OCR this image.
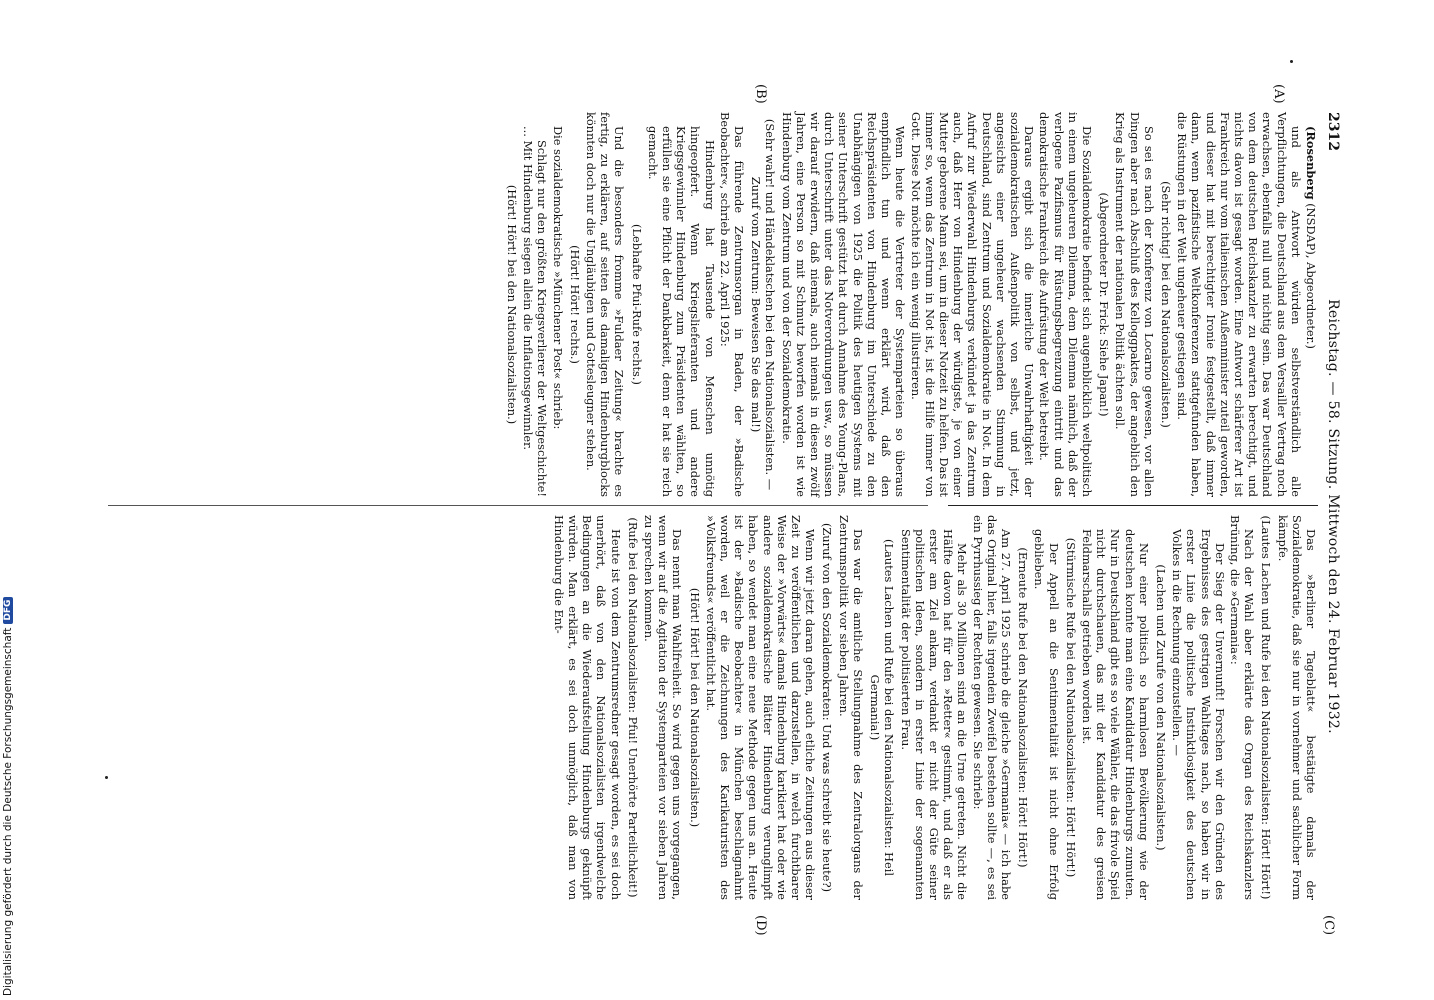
2312
Reichstag. — 58. Sitzung. Mittwoch den 24. Februar 1932.
(A)
(B)
(C)
(D)

(Rosenberg (NSDAP), Abgeordneter.)

und als Antwort würden selbstverständlich alle Verpflichtungen, die Deutschland aus dem Versailler Vertrag noch erwachsen, ebenfalls null und nichtig sein. Das war Deutschland von dem deutschen Reichskanzler zu erwarten berechtigt, und nichts davon ist gesagt worden. Eine Antwort schärferer Art ist Frankreich nur vom italienischen Außenminister zuteil geworden, und dieser hat mit berechtigter Ironie festgestellt, daß immer dann, wenn pazifistische Weltkonferenzen stattgefunden haben, die Rüstungen in der Welt ungeheuer gestiegen sind.

(Sehr richtig! bei den Nationalsozialisten.)

So sei es nach der Konferenz von Locarno gewesen, vor allen Dingen aber nach Abschluß des Kelloggpaktes, der angeblich den Krieg als Instrument der nationalen Politik ächten soll.

(Abgeordneter Dr. Frick: Siehe Japan!)

Die Sozialdemokratie befindet sich augenblicklich weltpolitisch in einem ungeheuren Dilemma, dem Dilemma nämlich, daß der verlogene Pazifismus für Rüstungsbegrenzung eintritt und das demokratische Frankreich die Aufrüstung der Welt betreibt.

Daraus ergibt sich die innerliche Unwahrhaftigkeit der sozialdemokratischen Außenpolitik von selbst, und jetzt, angesichts einer ungeheuer wachsenden Stimmung in Deutschland, sind Zentrum und Sozialdemokratie in Not. In dem Aufruf zur Wiederwahl Hindenburgs verkündet ja das Zentrum auch, daß Herr von Hindenburg der würdigste, je von einer Mutter geborene Mann sei, um in dieser Notzeit zu helfen. Das ist immer so, wenn das Zentrum in Not ist, ist die Hilfe immer von Gott. Diese Not möchte ich ein wenig illustrieren.

Wenn heute die Vertreter der Systemparteien so überaus empfindlich tun und wenn erklärt wird, daß den Reichspräsidenten von Hindenburg im Unterschiede zu den Unabhängigen von 1925 die Politik des heutigen Systems mit seiner Unterschrift gestützt hat durch Annahme des Young-Plans, durch Unterschrift unter das Notverordnungen usw., so müssen wir darauf erwidern, daß niemals, auch niemals in diesen zwölf Jahren, eine Person so mit Schmutz beworfen worden ist wie Hindenburg vom Zentrum und von der Sozialdemokratie.

(Sehr wahr! und Händeklatschen bei den Nationalsozialisten. — Zuruf vom Zentrum: Beweisen Sie das mal!)

Das führende Zentrumsorgan in Baden, der »Badische Beobachter«, schrieb am 22. April 1925:

Hindenburg hat Tausende von Menschen unnötig hingeopfert. Wenn Kriegslieferanten und andere Kriegsgewinnler Hindenburg zum Präsidenten wählten, so erfüllen sie eine Pflicht der Dankbarkeit, denn er hat sie reich gemacht.

(Lebhafte Pfui-Rufe rechts.)

Und die besonders fromme »Fuldaer Zeitung« brachte es fertig, zu erklären, auf seiten des damaligen Hindenburgblocks könnten doch nur die Ungläubigen und Gottesleugner stehen.

(Hört! Hört! rechts.)

Die sozialdemokratische »Münchener Post« schrieb:

Schlagt nur den größten Kriegsverlierer der Weltgeschichte! ... Mit Hindenburg siegen allein die Inflationsgewinnler.

(Hört! Hört! bei den Nationalsozialisten.)

Das »Berliner Tageblatt« bestätigte damals der Sozialdemokratie, daß sie nur in vornehmer und sachlicher Form kämpfe.

(Lautes Lachen und Rufe bei den Nationalsozialisten: Hört! Hört!)

Nach der Wahl aber erklärte das Organ des Reichskanzlers Brüning, die »Germania«:

Der Sieg der Unvernunft! Forschen wir den Gründen des Ergebnisses des gestrigen Wahltages nach, so haben wir in erster Linie die politische Instinktlosigkeit des deutschen Volkes in die Rechnung einzustellen. —

(Lachen und Zurufe von den Nationalsozialisten.)

Nur einer politisch so harmlosen Bevölkerung wie der deutschen konnte man eine Kandidatur Hindenburgs zumuten. Nur in Deutschland gibt es so viele Wähler, die das frivole Spiel nicht durchschauen, das mit der Kandidatur des greisen Feldmarschalls getrieben worden ist.

(Stürmische Rufe bei den Nationalsozialisten: Hört! Hört!)

Der Appell an die Sentimentalität ist nicht ohne Erfolg geblieben.

(Erneute Rufe bei den Nationalsozialisten: Hört! Hört!)

Am 27. April 1925 schrieb die gleiche »Germania« — ich habe das Original hier, falls irgendein Zweifel bestehen sollte —, es sei ein Pyrrhussieg der Rechten gewesen. Sie schrieb:

Mehr als 30 Millionen sind an die Urne getreten. Nicht die Hälfte davon hat für den »Retter« gestimmt, und daß er als erster am Ziel ankam, verdankt er nicht der Güte seiner politischen Ideen, sondern in erster Linie der sogenannten Sentimentalität der politisierten Frau.

(Lautes Lachen und Rufe bei den Nationalsozialisten: Heil Germania!)

Das war die amtliche Stellungnahme des Zentralorgans der Zentrumspolitik vor sieben Jahren.

(Zuruf von den Sozialdemokraten: Und was schreibt sie heute?)

Wenn wir jetzt daran gehen, auch etliche Zeitungen aus dieser Zeit zu veröffentlichen und darzustellen, in welch furchtbarer Weise der »Vorwärts« damals Hindenburg karikiert hat oder wie andere sozialdemokratische Blätter Hindenburg verunglimpft haben, so wendet man eine neue Methode gegen uns an. Heute ist der »Badische Beobachter« in München beschlagnahmt worden, weil er die Zeichnungen des Karikaturisten des »Volksfreunds« veröffentlicht hat.

(Hört! Hört! bei den Nationalsozialisten.)

Das nennt man Wahlfreiheit. So wird gegen uns vorgegangen, wenn wir auf die Agitation der Systemparteien vor sieben Jahren zu sprechen kommen.

(Rufe bei den Nationalsozialisten: Pfui! Unerhörte Parteilichkeit!)

Heute ist von dem Zentrumsredner gesagt worden, es sei doch unerhört, daß von den Nationalsozialisten irgendwelche Bedingungen an die Wiederaufstellung Hindenburgs geknüpft würden. Man erklärt, es sei doch unmöglich, daß man von Hindenburg die Ent-

Digitalisierung gefördert durch die Deutsche Forschungsgemeinschaft
DFG
